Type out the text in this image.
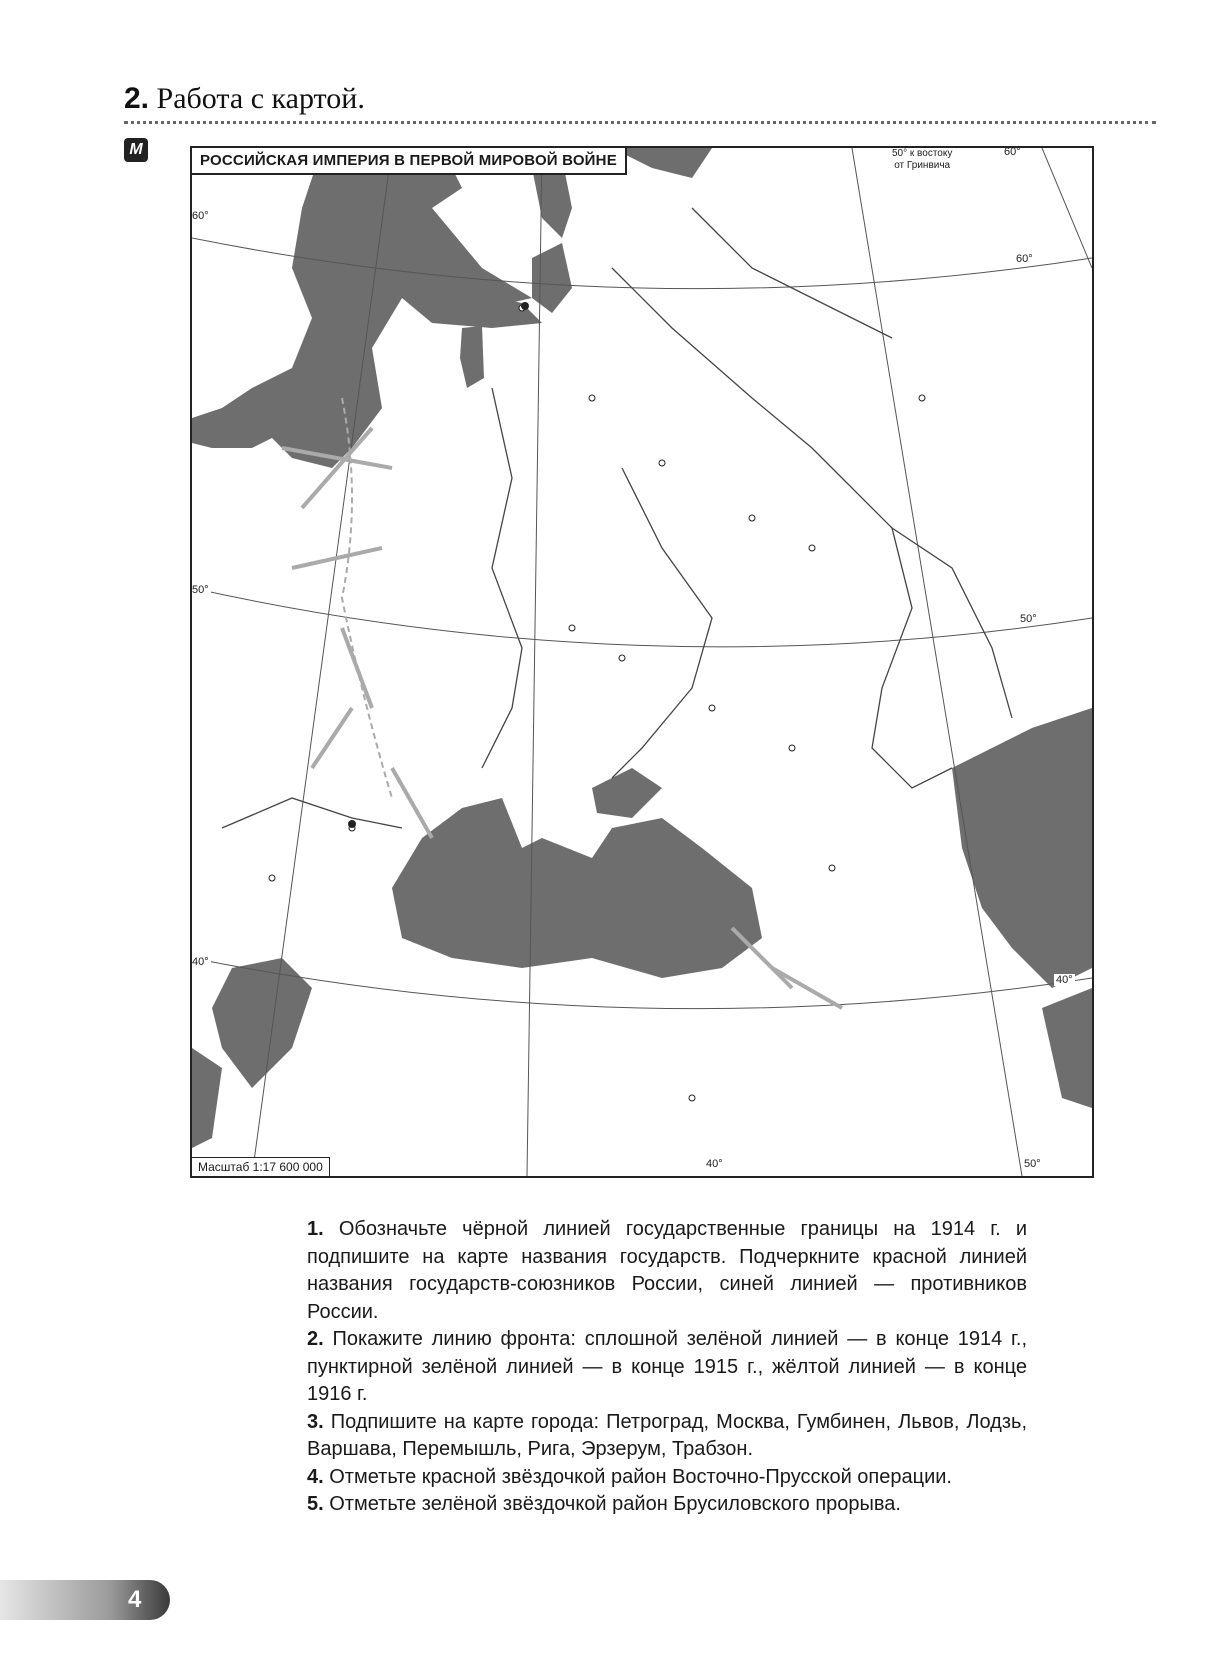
2. Работа с картой.
М
РОССИЙСКАЯ ИМПЕРИЯ В ПЕРВОЙ МИРОВОЙ ВОЙНЕ
Масштаб 1:17 600 000
50° к востоку
от Гринвича
60°
60°
60°
50°
50°
40°
40°
40°	50°

1. Обозначьте чёрной линией государственные границы на 1914 г. и подпишите на карте названия государств. Подчеркните красной линией названия государств-союзников России, синей линией — противников России.

2. Покажите линию фронта: сплошной зелёной линией — в конце 1914 г., пунктирной зелёной линией — в конце 1915 г., жёлтой линией — в конце 1916 г.

3. Подпишите на карте города: Петроград, Москва, Гумбинен, Львов, Лодзь, Варшава, Перемышль, Рига, Эрзерум, Трабзон.

4. Отметьте красной звёздочкой район Восточно-Прусской операции.

5. Отметьте зелёной звёздочкой район Брусиловского прорыва.

4
